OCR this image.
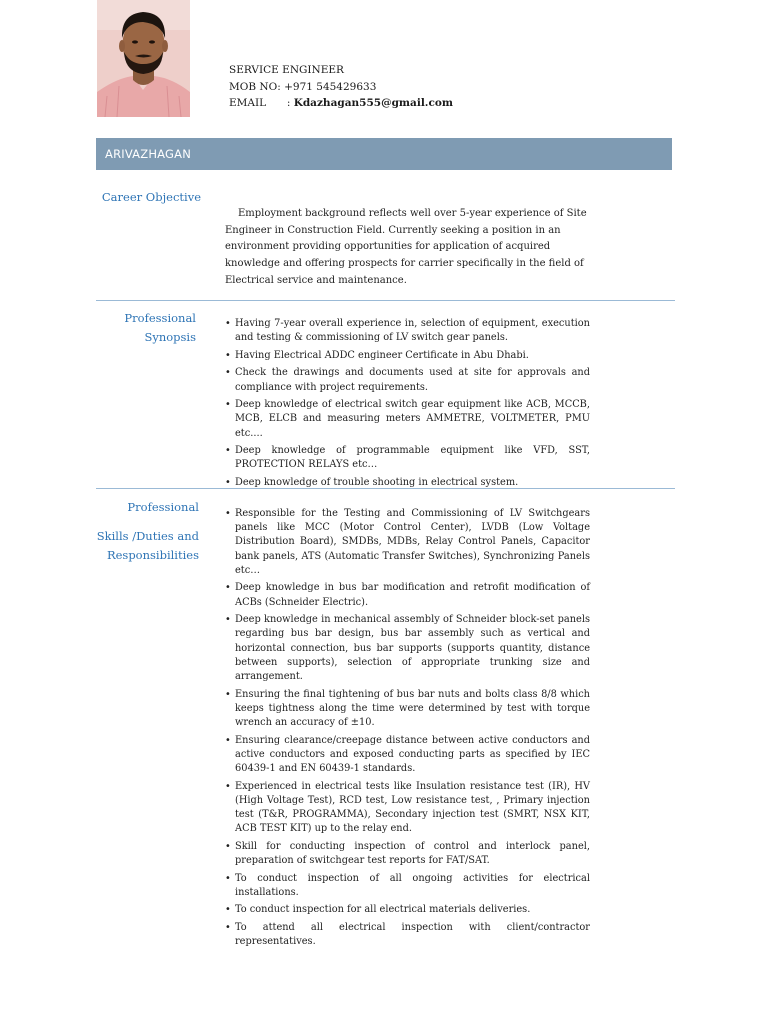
SERVICE ENGINEER
MOB NO: +971 545429633
EMAIL : Kdazhagan555@gmail.com
ARIVAZHAGAN
Career Objective
Employment background reflects well over 5-year experience of Site Engineer in Construction Field. Currently seeking a position in an environment providing opportunities for application of acquired knowledge and offering prospects for carrier specifically in the field of Electrical service and maintenance.
Professional
Synopsis
• Having 7-year overall experience in, selection of equipment, execution and testing & commissioning of LV switch gear panels.
• Having Electrical ADDC engineer Certificate in Abu Dhabi.
• Check the drawings and documents used at site for approvals and compliance with project requirements.
• Deep knowledge of electrical switch gear equipment like ACB, MCCB, MCB, ELCB and measuring meters AMMETRE, VOLTMETER, PMU etc....
• Deep knowledge of programmable equipment like VFD, SST, PROTECTION RELAYS etc…
• Deep knowledge of trouble shooting in electrical system.
Professional
Skills /Duties and
Responsibilities
• Responsible for the Testing and Commissioning of LV Switchgears panels like MCC (Motor Control Center), LVDB (Low Voltage Distribution Board), SMDBs, MDBs, Relay Control Panels, Capacitor bank panels, ATS (Automatic Transfer Switches), Synchronizing Panels etc…
• Deep knowledge in bus bar modification and retrofit modification of ACBs (Schneider Electric).
• Deep knowledge in mechanical assembly of Schneider block-set panels regarding bus bar design, bus bar assembly such as vertical and horizontal connection, bus bar supports (supports quantity, distance between supports), selection of appropriate trunking size and arrangement.
• Ensuring the final tightening of bus bar nuts and bolts class 8/8 which keeps tightness along the time were determined by test with torque wrench an accuracy of ±10.
• Ensuring clearance/creepage distance between active conductors and active conductors and exposed conducting parts as specified by IEC 60439-1 and EN 60439-1 standards.
• Experienced in electrical tests like Insulation resistance test (IR), HV (High Voltage Test), RCD test, Low resistance test, , Primary injection test (T&R, PROGRAMMA), Secondary injection test (SMRT, NSX KIT, ACB TEST KIT) up to the relay end.
• Skill for conducting inspection of control and interlock panel, preparation of switchgear test reports for FAT/SAT.
• To conduct inspection of all ongoing activities for electrical installations.
• To conduct inspection for all electrical materials deliveries.
• To attend all electrical inspection with client/contractor representatives.
